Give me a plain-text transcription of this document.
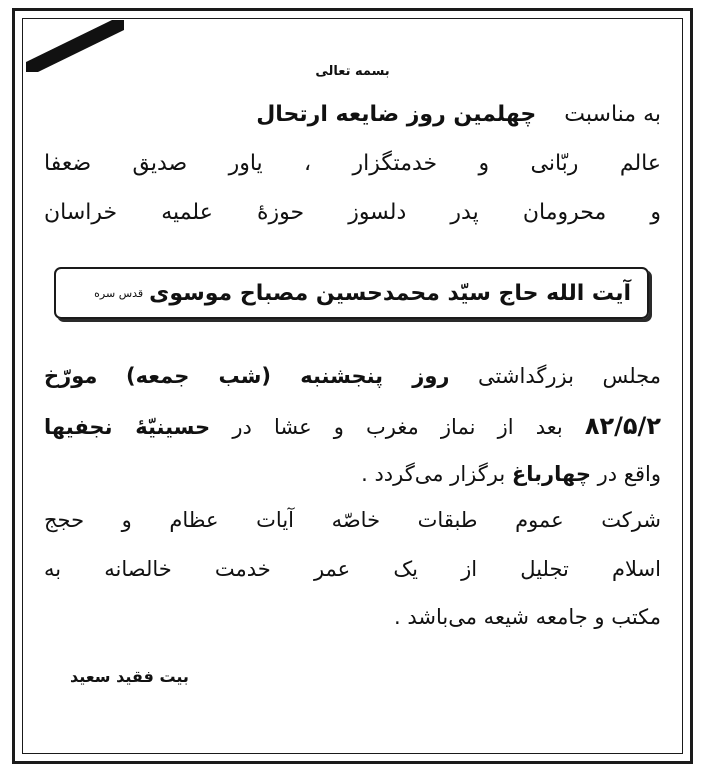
بسمه تعالی
به مناسبت    چهلمین روز ضایعه ارتحال
عالم ربّانی و خدمتگزار ، یاور صدیق ضعفا
و محرومان پدر دلسوز حوزۀ علمیه خراسان
آیت الله حاج سیّد محمدحسین مصباح موسوی
قدس سره
مجلس بزرگداشتی روز پنجشنبه (شب جمعه) مورّخ
۸۲/۵/۲ بعد از نماز مغرب و عشا در حسینیّۀ نجفیها
واقع در چهارباغ برگزار می‌گردد .
شرکت عموم طبقات خاصّه آیات عظام و حجج
اسلام تجلیل از یک عمر خدمت خالصانه به
مکتب و جامعه شیعه می‌باشد .
بیت فقید سعید
